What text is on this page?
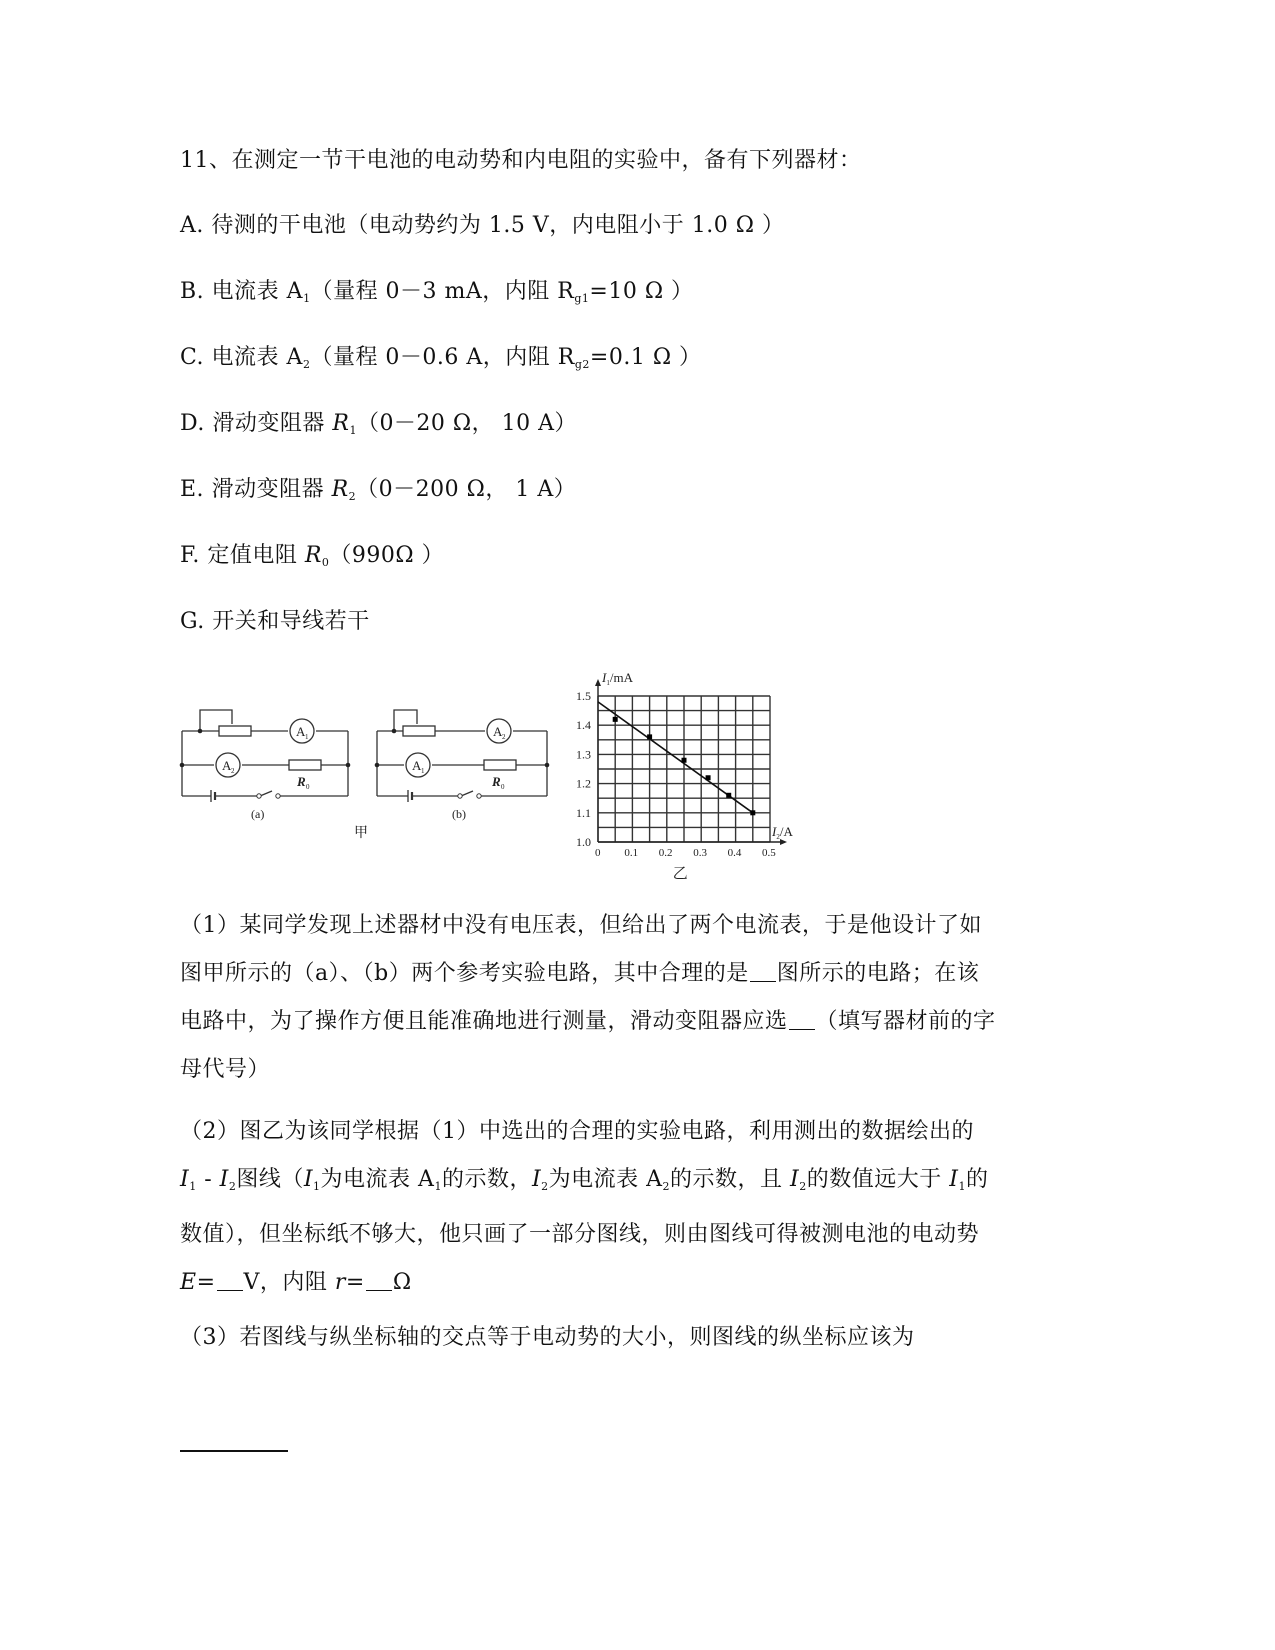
11、在测定一节干电池的电动势和内电阻的实验中，备有下列器材：
A. 待测的干电池（电动势约为 1.5 V，内电阻小于 1.0 Ω ）
B. 电流表 $A_1$（量程 0－3 mA，内阻 $R_{g1}=10$ Ω ）
C. 电流表 $A_2$（量程 0－0.6 A，内阻 $R_{g2}=0.1$ Ω ）
D. 滑动变阻器 $R_1(0-20$ Ω， 10 A）
E. 滑动变阻器 $R_2(0-200$ Ω， 1 A）
F. 定值电阻 $R_0(990\Omega$ ）
G. 开关和导线若干
A 1
A 2
R 0
(a)
A 2
A 1
R 0
(b)
甲
1.0
1.1
1.2
1.3
1.4
1.5
0 0.1 0.2 0.3 0.4 0.5
$I_1/mA$
$I_2/A$
乙
（1）某同学发现上述器材中没有电压表，但给出了两个电流表，于是他设计了如
图甲所示的（a）、（b）两个参考实验电路，其中合理的是 图所示的电路；在该
电路中，为了操作方便且能准确地进行测量，滑动变阻器应选 （填写器材前的字
母代号）
（2）图乙为该同学根据（1）中选出的合理的实验电路，利用测出的数据绘出的
$I_1 - I_2$图线（$I_1$为电流表 $A_1$的示数，$I_2$为电流表 $A_2$的示数，且 $I_2$的数值远大于 $I_1$的
数值），但坐标纸不够大，他只画了一部分图线，则由图线可得被测电池的电动势
E= V，内阻 r= Ω
（3）若图线与纵坐标轴的交点等于电动势的大小，则图线的纵坐标应该为
